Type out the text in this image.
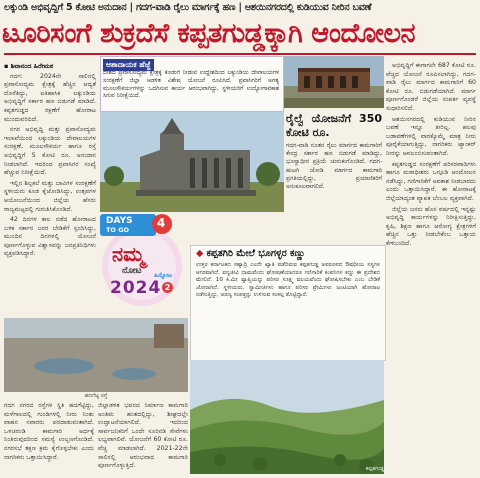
ಲಕ್ಕುಂಡಿ ಅಭಿವೃದ್ಧಿಗೆ 5 ಕೋಟಿ ಅನುದಾನ | ಗದಗ-ವಾಡಿ ರೈಲು ಮಾರ್ಗಕ್ಕೆ ಹಣ | ಆಶಯಿನಗರದಲ್ಲಿ ಕುಡಿಯುವ ನೀರಿನ ಬವಣೆ
ಟೂರಿಸಂಗೆ ಶುಕ್ರದೆಸೆ ಕಪ್ಪತಗುಡ್ಡಕ್ಕಾಗಿ ಆಂದೋಲನ
▪ ಶಿವಾನಂದ ಹಿರೇಮಠ

ಗದಗ: 2024ನೇ ಸಾಲಿನಲ್ಲಿ ಪ್ರವಾಸೋದ್ಯಮ ಕ್ಷೇತ್ರಕ್ಕೆ ಹೆಚ್ಚಿನ ಆದ್ಯತೆ ದೊರೆತಿದ್ದು, ಐತಿಹಾಸಿಕ ಲಕ್ಕುಂಡಿಯ ಅಭಿವೃದ್ಧಿಗೆ ಸರ್ಕಾರ ಹಣ ಬಿಡುಗಡೆ ಮಾಡಿದೆ. ಕಪ್ಪತಗುಡ್ಡದ ರಕ್ಷಣೆಗೆ ಹೋರಾಟ ಮುಂದುವರಿದಿದೆ.

ನಗರ ಅಭಿವೃದ್ಧಿ ಮತ್ತು ಪ್ರವಾಸೋದ್ಯಮ ಇಲಾಖೆಯಿಂದ ಲಕ್ಕುಂಡಿಯ ದೇವಾಲಯಗಳ ಸಂರಕ್ಷಣೆ, ಮೂಲಸೌಕರ್ಯ ಹಾಗೂ ರಸ್ತೆ ಅಭಿವೃದ್ಧಿಗೆ 5 ಕೋಟಿ ರೂ. ಅನುದಾನ ನೀಡಲಾಗಿದೆ. ಇದರಿಂದ ಪ್ರವಾಸಿಗರ ಸಂಖ್ಯೆ ಹೆಚ್ಚುವ ನಿರೀಕ್ಷೆಯಿದೆ.

ಇಲ್ಲಿನ ಶಿಲ್ಪಕಲೆ ಮತ್ತು ಬಾವಿಗಳ ಸಂರಕ್ಷಣೆಗೆ ಸ್ಥಳೀಯರು ಕೂಡ ಕೈಜೋಡಿಸಿದ್ದು, ಉತ್ಸವಗಳ ಆಯೋಜನೆಯಿಂದ ಜಿಲ್ಲೆಯ ಹೆಸರು ರಾಜ್ಯಮಟ್ಟದಲ್ಲಿ ಗುರುತಿಸಿಕೊಂಡಿದೆ.

42 ದಿನಗಳ ಕಾಲ ನಡೆದ ಹೋರಾಟದ ಬಳಿಕ ಸರ್ಕಾರ ಜನರ ಬೇಡಿಕೆಗೆ ಸ್ಪಂದಿಸಿದ್ದು, ಮುಂದಿನ ದಿನಗಳಲ್ಲಿ ಯೋಜನೆ ಪೂರ್ಣಗೊಳ್ಳುವ ವಿಶ್ವಾಸವನ್ನು ಜನಪ್ರತಿನಿಧಿಗಳು ವ್ಯಕ್ತಪಡಿಸಿದ್ದಾರೆ.

ಆಶಾದಾಯಕ ಹೆಜ್ಜೆ
ದೇಶದ ಪ್ರವಾಸೋದ್ಯಮ ಕ್ಷೇತ್ರಕ್ಕೆ ಕೊಡುಗೆ ನೀಡುವ ಉದ್ದೇಶದಿಂದ ಲಕ್ಕುಂಡಿಯ ದೇವಾಲಯಗಳ ಸಂರಕ್ಷಣೆಗೆ ಜಿಲ್ಲಾ ಆಡಳಿತ ವಿಶೇಷ ಯೋಜನೆ ರೂಪಿಸಿದೆ. ಪ್ರವಾಸಿಗರಿಗೆ ಅಗತ್ಯ ಮೂಲಸೌಕರ್ಯಗಳನ್ನು ಒದಗಿಸುವ ಕಾರ್ಯ ಆರಂಭವಾಗಿದ್ದು, ಸ್ಥಳೀಯರಿಗೆ ಉದ್ಯೋಗಾವಕಾಶ ಸಿಗುವ ನಿರೀಕ್ಷೆಯಿದೆ.
ರೈಲ್ವೆ ಯೋಜನೆಗೆ 350 ಕೋಟಿ ರೂ.
ಗದಗ-ವಾಡಿ ನೂತನ ರೈಲು ಮಾರ್ಗದ ಕಾಮಗಾರಿಗೆ ಕೇಂದ್ರ ಸರ್ಕಾರ ಹಣ ಬಿಡುಗಡೆ ಮಾಡಿದ್ದು, ಭೂಸ್ವಾಧೀನ ಪ್ರಕ್ರಿಯೆ ಚುರುಕುಗೊಂಡಿದೆ. ಗದಗ-ಹುಟಗಿ ಜೋಡಿ ಮಾರ್ಗದ ಕಾಮಗಾರಿ ಪ್ರಗತಿಯಲ್ಲಿದ್ದು, ಪ್ರಯಾಣಿಕರಿಗೆ ಅನುಕೂಲವಾಗಲಿದೆ.
DAYS
TO GO 4
ನಮ್ಮ
ನೋಟ
2024
ಹಿನ್ನೋಟ
2
◆ ಕಪ್ಪತಗಿರಿ ಮೇಲೆ ಭೂಗಳ್ಳರ ಕಣ್ಣು
ಉತ್ತರ ಕರ್ನಾಟಕದ ಸಹ್ಯಾದ್ರಿ ಎಂದೇ ಖ್ಯಾತಿ ಪಡೆದಿರುವ ಕಪ್ಪತಗುಡ್ಡ ಅಪರೂಪದ ಔಷಧೀಯ ಸಸ್ಯಗಳ ಆಗರವಾಗಿದೆ. ವನ್ಯಜೀವಿ ಧಾಮವೆಂದು ಘೋಷಣೆಯಾದರೂ ಗಣಿಗಾರಿಕೆ ಕಂಪನಿಗಳ ಕಣ್ಣು ಈ ಪ್ರದೇಶದ ಮೇಲಿದೆ. 10 ಕಿ.ಮೀ ವ್ಯಾಪ್ತಿಯನ್ನು ಪರಿಸರ ಸೂಕ್ಷ್ಮ ವಲಯವೆಂದು ಘೋಷಿಸಬೇಕು ಎಂಬ ಬೇಡಿಕೆ ಜೋರಾಗಿದೆ. ಸ್ಥಳೀಯರು, ಸ್ವಾಮೀಜಿಗಳು ಹಾಗೂ ಪರಿಸರ ಪ್ರೇಮಿಗಳು ಜಂಟಿಯಾಗಿ ಹೋರಾಟ ನಡೆಸುತ್ತಿದ್ದು, ಅರಣ್ಯ ಸಂಪತ್ತನ್ನು ಉಳಿಸುವ ಸಂಕಲ್ಪ ತೊಟ್ಟಿದ್ದಾರೆ.

ಅಭಿವೃದ್ಧಿಗೆ ಈಗಾಗಲೇ 687 ಕೋಟಿ ರೂ. ವೆಚ್ಚದ ಯೋಜನೆ ರೂಪಿಸಲಾಗಿದ್ದು, ಗದಗ-ವಾಡಿ ರೈಲು ಮಾರ್ಗದ ಕಾಮಗಾರಿಗೆ 60 ಕೋಟಿ ರೂ. ಬಿಡುಗಡೆಯಾಗಿದೆ. ಮಾರ್ಗ ಪೂರ್ಣಗೊಂಡರೆ ಜಿಲ್ಲೆಯ ಸಂಪರ್ಕ ವ್ಯವಸ್ಥೆ ಸುಧಾರಿಸಲಿದೆ.

ಆಶಯಿನಗರದಲ್ಲಿ ಕುಡಿಯುವ ನೀರಿನ ಬವಣೆ ಇನ್ನೂ ತೀರಿಲ್ಲ. ಹಲವು ಬಡಾವಣೆಗಳಲ್ಲಿ ವಾರಕ್ಕೊಮ್ಮೆ ಮಾತ್ರ ನೀರು ಪೂರೈಕೆಯಾಗುತ್ತಿದ್ದು, ನಾಗರಿಕರು ಟ್ಯಾಂಕರ್ ನೀರನ್ನು ಅವಲಂಬಿಸುವಂತಾಗಿದೆ.

ಕಪ್ಪತಗುಡ್ಡದ ಸಂರಕ್ಷಣೆಗೆ ಪರಿಸರವಾದಿಗಳು ಹಾಗೂ ಮಠಾಧೀಶರು ಒಗ್ಗೂಡಿ ಆಂದೋಲನ ನಡೆಸಿದ್ದು, ಗಣಿಗಾರಿಕೆಗೆ ಅವಕಾಶ ನೀಡಬಾರದು ಎಂದು ಒತ್ತಾಯಿಸಿದ್ದಾರೆ. ಈ ಹೋರಾಟಕ್ಕೆ ಜಿಲ್ಲೆಯಾದ್ಯಂತ ವ್ಯಾಪಕ ಬೆಂಬಲ ವ್ಯಕ್ತವಾಗಿದೆ.

ಜಿಲ್ಲೆಯ ಜನರು ಹೊಸ ವರ್ಷದಲ್ಲಿ ಇನ್ನಷ್ಟು ಅಭಿವೃದ್ಧಿ ಕಾರ್ಯಗಳನ್ನು ನಿರೀಕ್ಷಿಸುತ್ತಿದ್ದು, ಕೃಷಿ, ಶಿಕ್ಷಣ ಹಾಗೂ ಆರೋಗ್ಯ ಕ್ಷೇತ್ರಗಳಿಗೆ ಹೆಚ್ಚಿನ ಒತ್ತು ನೀಡಬೇಕೆಂಬ ಒತ್ತಾಯ ಕೇಳಿಬಂದಿದೆ.

ಹದಗೆಟ್ಟ ರಸ್ತೆ
ಗದಗ ನಗರದ ರಸ್ತೆಗಳ ಸ್ಥಿತಿ ಹದಗೆಟ್ಟಿದ್ದು, ಮಳೆಗಾಲದಲ್ಲಿ ಗುಂಡಿಗಳಲ್ಲಿ ನೀರು ನಿಂತು ವಾಹನ ಸವಾರರು ಪರದಾಡುವಂತಾಗಿದೆ. ಒಳಚರಂಡಿ ಕಾಮಗಾರಿ ಅರ್ಧಕ್ಕೆ ನಿಂತಿರುವುದರಿಂದ ಸಮಸ್ಯೆ ಉಲ್ಬಣಗೊಂಡಿದೆ. ನಗರಸಭೆ ತಕ್ಷಣ ಕ್ರಮ ಕೈಗೊಳ್ಳಬೇಕು ಎಂದು ನಾಗರಿಕರು ಒತ್ತಾಯಿಸಿದ್ದಾರೆ.
ಜಿಲ್ಲಾಡಳಿತ ಭವನದ ನಿರ್ಮಾಣ ಕಾಮಗಾರಿ ಅಂತಿಮ ಹಂತದಲ್ಲಿದ್ದು, ಶೀಘ್ರದಲ್ಲೇ ಉದ್ಘಾಟನೆಯಾಗಲಿದೆ. ಇದರಿಂದ ಸಾರ್ವಜನಿಕರಿಗೆ ಒಂದೇ ಸೂರಿನಡಿ ಸೇವೆಗಳು ಲಭ್ಯವಾಗಲಿವೆ. ಯೋಜನೆಗೆ 60 ಕೋಟಿ ರೂ. ವೆಚ್ಚ ಮಾಡಲಾಗಿದೆ. 2021-22ನೇ ಸಾಲಿನಲ್ಲಿ ಆರಂಭವಾದ ಕಾಮಗಾರಿ ಪೂರ್ಣಗೊಳ್ಳುತ್ತಿದೆ.	ಕಪ್ಪತಗುಡ್ಡ
